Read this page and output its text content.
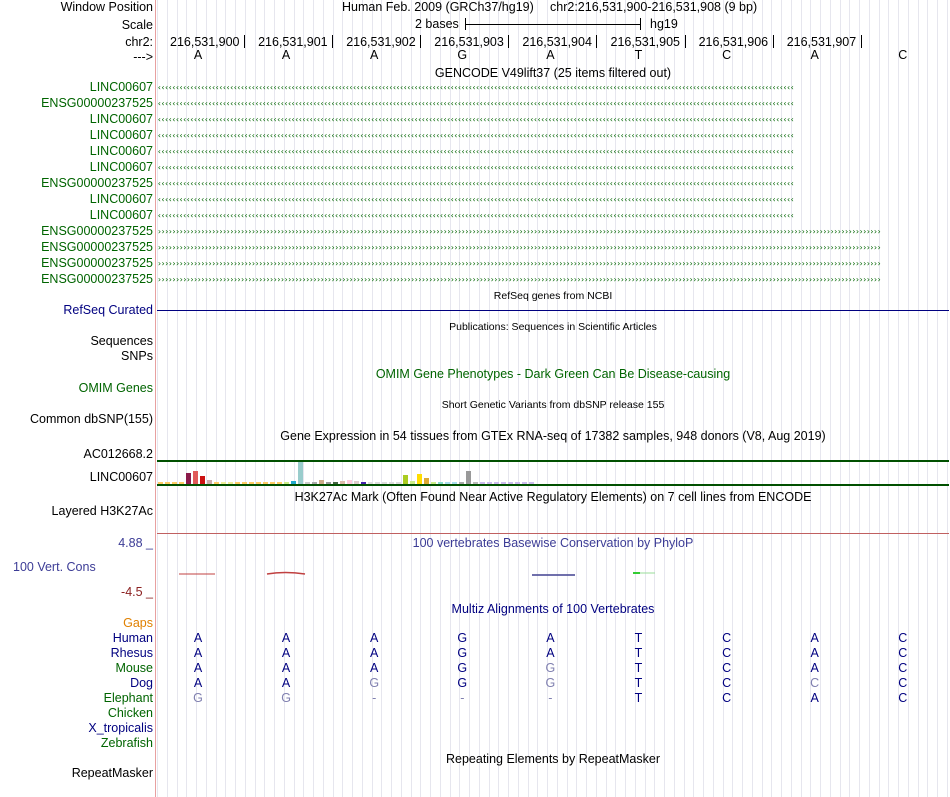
Window Position	Human Feb. 2009 (GRCh37/hg19) chr2:216,531,900-216,531,908 (9 bp)
Scale	2 bases	hg19
chr2: 216,531,900 216,531,901 216,531,902 216,531,903 216,531,904 216,531,905 216,531,906 216,531,907
--->	A	A	A	G	A	T	C	A	C
GENCODE V49lift37 (25 items filtered out)
LINC00607
‹‹‹‹‹‹‹‹‹‹‹‹‹‹‹‹‹‹‹‹‹‹‹‹‹‹‹‹‹‹‹‹‹‹‹‹‹‹‹‹‹‹‹‹‹‹‹‹‹‹‹‹‹‹‹‹‹‹‹‹‹‹‹‹‹‹‹‹‹‹‹‹‹‹‹‹‹‹‹‹‹‹‹‹‹‹‹‹‹‹‹‹‹‹‹‹‹‹‹‹‹‹‹‹‹‹‹‹‹‹‹‹‹‹‹‹‹‹‹‹‹‹‹‹‹‹‹‹‹‹‹‹‹‹‹‹‹‹‹‹‹‹‹‹‹‹‹‹‹‹‹‹‹‹‹‹‹‹‹‹‹‹‹‹‹‹‹‹‹‹‹‹‹‹‹‹
ENSG00000237525
‹‹‹‹‹‹‹‹‹‹‹‹‹‹‹‹‹‹‹‹‹‹‹‹‹‹‹‹‹‹‹‹‹‹‹‹‹‹‹‹‹‹‹‹‹‹‹‹‹‹‹‹‹‹‹‹‹‹‹‹‹‹‹‹‹‹‹‹‹‹‹‹‹‹‹‹‹‹‹‹‹‹‹‹‹‹‹‹‹‹‹‹‹‹‹‹‹‹‹‹‹‹‹‹‹‹‹‹‹‹‹‹‹‹‹‹‹‹‹‹‹‹‹‹‹‹‹‹‹‹‹‹‹‹‹‹‹‹‹‹‹‹‹‹‹‹‹‹‹‹‹‹‹‹‹‹‹‹‹‹‹‹‹‹‹‹‹‹‹‹‹‹‹‹‹‹
LINC00607
‹‹‹‹‹‹‹‹‹‹‹‹‹‹‹‹‹‹‹‹‹‹‹‹‹‹‹‹‹‹‹‹‹‹‹‹‹‹‹‹‹‹‹‹‹‹‹‹‹‹‹‹‹‹‹‹‹‹‹‹‹‹‹‹‹‹‹‹‹‹‹‹‹‹‹‹‹‹‹‹‹‹‹‹‹‹‹‹‹‹‹‹‹‹‹‹‹‹‹‹‹‹‹‹‹‹‹‹‹‹‹‹‹‹‹‹‹‹‹‹‹‹‹‹‹‹‹‹‹‹‹‹‹‹‹‹‹‹‹‹‹‹‹‹‹‹‹‹‹‹‹‹‹‹‹‹‹‹‹‹‹‹‹‹‹‹‹‹‹‹‹‹‹‹‹‹
LINC00607
‹‹‹‹‹‹‹‹‹‹‹‹‹‹‹‹‹‹‹‹‹‹‹‹‹‹‹‹‹‹‹‹‹‹‹‹‹‹‹‹‹‹‹‹‹‹‹‹‹‹‹‹‹‹‹‹‹‹‹‹‹‹‹‹‹‹‹‹‹‹‹‹‹‹‹‹‹‹‹‹‹‹‹‹‹‹‹‹‹‹‹‹‹‹‹‹‹‹‹‹‹‹‹‹‹‹‹‹‹‹‹‹‹‹‹‹‹‹‹‹‹‹‹‹‹‹‹‹‹‹‹‹‹‹‹‹‹‹‹‹‹‹‹‹‹‹‹‹‹‹‹‹‹‹‹‹‹‹‹‹‹‹‹‹‹‹‹‹‹‹‹‹‹‹‹‹
LINC00607
‹‹‹‹‹‹‹‹‹‹‹‹‹‹‹‹‹‹‹‹‹‹‹‹‹‹‹‹‹‹‹‹‹‹‹‹‹‹‹‹‹‹‹‹‹‹‹‹‹‹‹‹‹‹‹‹‹‹‹‹‹‹‹‹‹‹‹‹‹‹‹‹‹‹‹‹‹‹‹‹‹‹‹‹‹‹‹‹‹‹‹‹‹‹‹‹‹‹‹‹‹‹‹‹‹‹‹‹‹‹‹‹‹‹‹‹‹‹‹‹‹‹‹‹‹‹‹‹‹‹‹‹‹‹‹‹‹‹‹‹‹‹‹‹‹‹‹‹‹‹‹‹‹‹‹‹‹‹‹‹‹‹‹‹‹‹‹‹‹‹‹‹‹‹‹‹
LINC00607
‹‹‹‹‹‹‹‹‹‹‹‹‹‹‹‹‹‹‹‹‹‹‹‹‹‹‹‹‹‹‹‹‹‹‹‹‹‹‹‹‹‹‹‹‹‹‹‹‹‹‹‹‹‹‹‹‹‹‹‹‹‹‹‹‹‹‹‹‹‹‹‹‹‹‹‹‹‹‹‹‹‹‹‹‹‹‹‹‹‹‹‹‹‹‹‹‹‹‹‹‹‹‹‹‹‹‹‹‹‹‹‹‹‹‹‹‹‹‹‹‹‹‹‹‹‹‹‹‹‹‹‹‹‹‹‹‹‹‹‹‹‹‹‹‹‹‹‹‹‹‹‹‹‹‹‹‹‹‹‹‹‹‹‹‹‹‹‹‹‹‹‹‹‹‹‹
ENSG00000237525
‹‹‹‹‹‹‹‹‹‹‹‹‹‹‹‹‹‹‹‹‹‹‹‹‹‹‹‹‹‹‹‹‹‹‹‹‹‹‹‹‹‹‹‹‹‹‹‹‹‹‹‹‹‹‹‹‹‹‹‹‹‹‹‹‹‹‹‹‹‹‹‹‹‹‹‹‹‹‹‹‹‹‹‹‹‹‹‹‹‹‹‹‹‹‹‹‹‹‹‹‹‹‹‹‹‹‹‹‹‹‹‹‹‹‹‹‹‹‹‹‹‹‹‹‹‹‹‹‹‹‹‹‹‹‹‹‹‹‹‹‹‹‹‹‹‹‹‹‹‹‹‹‹‹‹‹‹‹‹‹‹‹‹‹‹‹‹‹‹‹‹‹‹‹‹‹
LINC00607
‹‹‹‹‹‹‹‹‹‹‹‹‹‹‹‹‹‹‹‹‹‹‹‹‹‹‹‹‹‹‹‹‹‹‹‹‹‹‹‹‹‹‹‹‹‹‹‹‹‹‹‹‹‹‹‹‹‹‹‹‹‹‹‹‹‹‹‹‹‹‹‹‹‹‹‹‹‹‹‹‹‹‹‹‹‹‹‹‹‹‹‹‹‹‹‹‹‹‹‹‹‹‹‹‹‹‹‹‹‹‹‹‹‹‹‹‹‹‹‹‹‹‹‹‹‹‹‹‹‹‹‹‹‹‹‹‹‹‹‹‹‹‹‹‹‹‹‹‹‹‹‹‹‹‹‹‹‹‹‹‹‹‹‹‹‹‹‹‹‹‹‹‹‹‹‹
LINC00607
‹‹‹‹‹‹‹‹‹‹‹‹‹‹‹‹‹‹‹‹‹‹‹‹‹‹‹‹‹‹‹‹‹‹‹‹‹‹‹‹‹‹‹‹‹‹‹‹‹‹‹‹‹‹‹‹‹‹‹‹‹‹‹‹‹‹‹‹‹‹‹‹‹‹‹‹‹‹‹‹‹‹‹‹‹‹‹‹‹‹‹‹‹‹‹‹‹‹‹‹‹‹‹‹‹‹‹‹‹‹‹‹‹‹‹‹‹‹‹‹‹‹‹‹‹‹‹‹‹‹‹‹‹‹‹‹‹‹‹‹‹‹‹‹‹‹‹‹‹‹‹‹‹‹‹‹‹‹‹‹‹‹‹‹‹‹‹‹‹‹‹‹‹‹‹‹
ENSG00000237525
››››››››››››››››››››››››››››››››››››››››››››››››››››››››››››››››››››››››››››››››››››››››››››››››››››››››››››››››››››››››››››››››››››››››››››››››››››››››››››››››››››››››››››››››››››››››››››››››››››››››
ENSG00000237525
››››››››››››››››››››››››››››››››››››››››››››››››››››››››››››››››››››››››››››››››››››››››››››››››››››››››››››››››››››››››››››››››››››››››››››››››››››››››››››››››››››››››››››››››››››››››››››››››››››››››
ENSG00000237525
››››››››››››››››››››››››››››››››››››››››››››››››››››››››››››››››››››››››››››››››››››››››››››››››››››››››››››››››››››››››››››››››››››››››››››››››››››››››››››››››››››››››››››››››››››››››››››››››››››››››
ENSG00000237525
››››››››››››››››››››››››››››››››››››››››››››››››››››››››››››››››››››››››››››››››››››››››››››››››››››››››››››››››››››››››››››››››››››››››››››››››››››››››››››››››››››››››››››››››››››››››››››››››››››››››
RefSeq genes from NCBI
RefSeq Curated
Publications: Sequences in Scientific Articles
Sequences
SNPs
OMIM Gene Phenotypes - Dark Green Can Be Disease-causing
OMIM Genes
Short Genetic Variants from dbSNP release 155
Common dbSNP(155)
Gene Expression in 54 tissues from GTEx RNA-seq of 17382 samples, 948 donors (V8, Aug 2019)
AC012668.2
LINC00607
H3K27Ac Mark (Often Found Near Active Regulatory Elements) on 7 cell lines from ENCODE
Layered H3K27Ac
4.88 _	100 vertebrates Basewise Conservation by PhyloP
100 Vert. Cons
-4.5 _
Multiz Alignments of 100 Vertebrates
Gaps
Human	A	A	A	G	A	T	C	A	C
Rhesus	A	A	A	G	A	T	C	A	C
Mouse	A	A	A	G	G	T	C	A	C
Dog	A	A	G	G	G	T	C	C	C
Elephant	G	G	-	-	-	T	C	A	C
Chicken
X_tropicalis
Zebrafish
Repeating Elements by RepeatMasker
RepeatMasker
